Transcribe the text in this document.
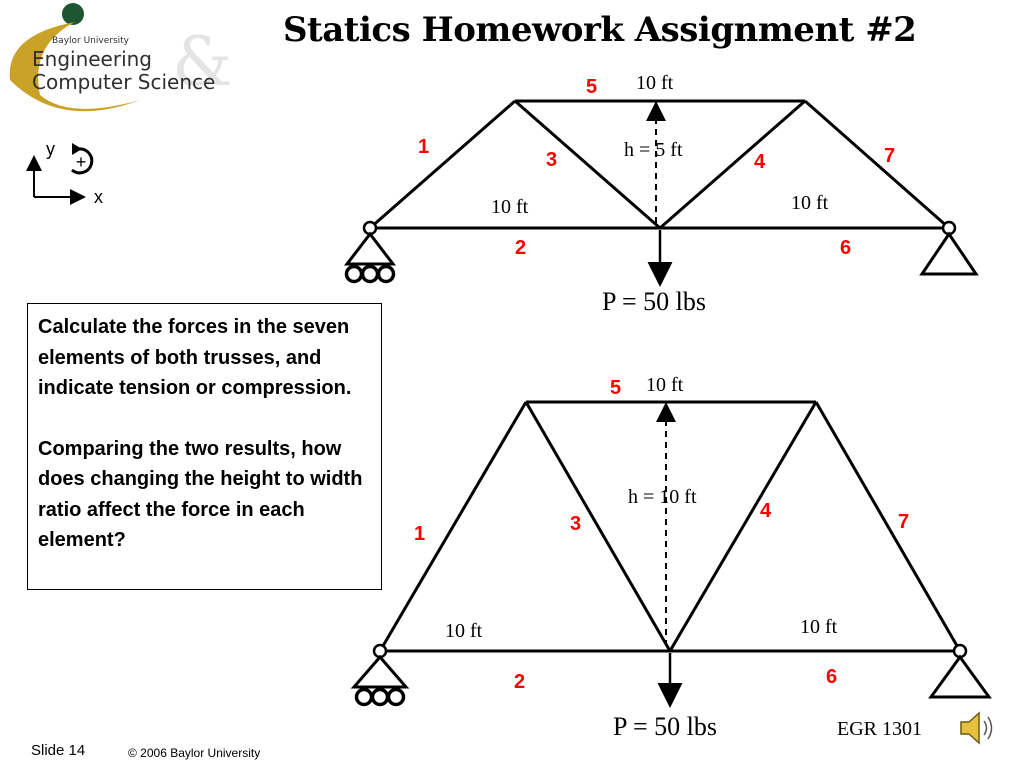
Statics Homework Assignment #2
&
Baylor University
Engineering
Computer Science
y
x
+

Calculate the forces in the seven elements of both trusses, and indicate tension or compression.

Comparing the two results, how does changing the height to width ratio affect the force in each element?

1
2
3	4
5
6
7
10 ft
h = 5 ft
10 ft	10 ft
P = 50 lbs
1
2
3
4
5
6
7
10 ft
h = 10 ft
10 ft	10 ft
P = 50 lbs	EGR 1301
Slide 14	© 2006 Baylor University
